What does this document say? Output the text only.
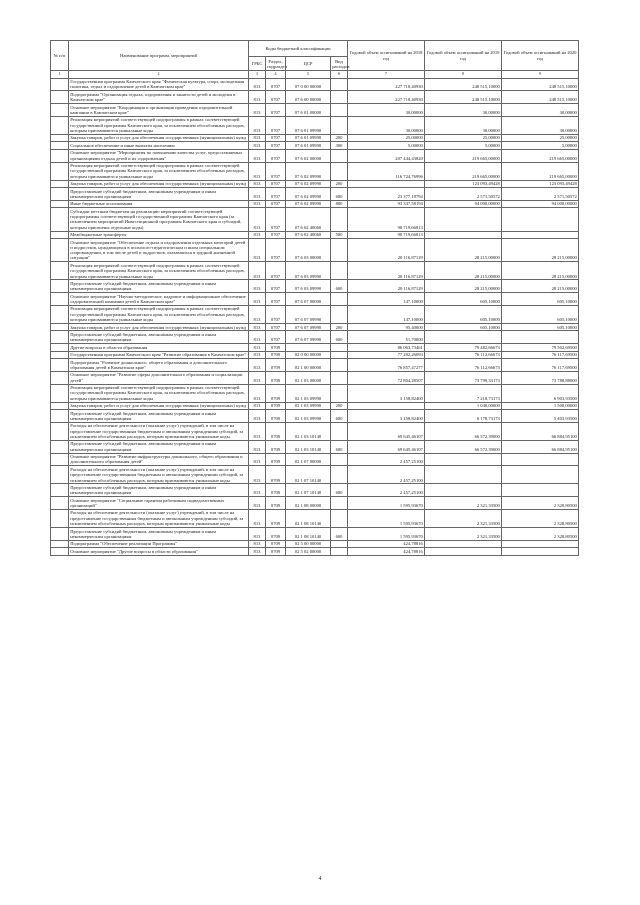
№ п/п	Наименование программ, мероприятий	Коды бюджетной классификации				Годовой объем ассигнований на 2018 год	Годовой объем ассигнований на 2019 год	Годовой объем ассигнований на 2020 год
		ГРБС	Раздел, подраздел	ЦСР	Вид расходов			
1	2	3	4	5	6	7	8	9
	Государственная программа Камчатского края "Физическая культура, спорт, молодежная политика, отдых и оздоровление детей в Камчатском крае"	813	0707	07 0 00 00000		227 718,40930	248 515,10000	248 515,10000
	Подпрограмма "Организация отдыха, оздоровления и занятости детей и молодежи в Камчатском крае"	813	0707	07 6 00 00000		227 718,40930	248 515,10000	248 515,10000
	Основное мероприятие "Координация и организация проведения оздоровительной кампании в Камчатском крае"	813	0707	07 6 01 00000		30,00000	30,00000	30,00000
	Реализация мероприятий соответствующей подпрограммы в рамках соответствующей государственной программы Камчатского края, за исключением обособленных расходов, которым присваиваются уникальные коды	813	0707	07 6 01 09990		30,00000	30,00000	30,00000
	Закупка товаров, работ и услуг для обеспечения государственных (муниципальных) нужд	813	0707	07 6 01 09990	200	25,00000	25,00000	25,00000
	Социальное обеспечение и иные выплаты населению	813	0707	07 6 01 09990	300	5,00000	5,00000	5,00000
	Основное мероприятие "Мероприятия по повышению качества услуг, предоставляемых организациями отдыха детей и их оздоровления"	813	0707	07 6 02 00000		207 444,43820	219 665,00000	219 665,00000
	Реализация мероприятий соответствующей подпрограммы в рамках соответствующей государственной программы Камчатского края, за исключением обособленных расходов, которым присваиваются уникальные коды	813	0707	07 6 02 09990		116 724,76996	219 665,00000	219 665,00000
	Закупка товаров, работ и услуг для обеспечения государственных (муниципальных) нужд	813	0707	07 6 02 09990	200		123 093,49428	123 093,49428
	Предоставление субсидий бюджетным, автономным учреждениям и иным некоммерческим организациям	813	0707	07 6 02 09990	600	23 377,18794	2 571,50572	2 571,50572
	Иные бюджетные ассигнования	813	0707	07 6 02 09990	800	93 347,58194	94 000,00000	94 000,00000
	Субсидии местным бюджетам на реализацию мероприятий соответствующей подпрограммы соответствующей государственной программы Камчатского края (за исключением мероприятий Инвестиционной программы Камчатского края и субсидий, которым присвоены отдельные коды)	813	0707	07 6 02 40060		90 719,66813		
	Межбюджетные трансферты	813	0707	07 6 02 40060	500	90 719,66813		
	Основное мероприятие "Обеспечение отдыха и оздоровления отдельных категорий детей и подростков, нуждающихся в психолого-педагогическом и ином специальном сопровождении, в том числе детей и подростков, оказавшихся в трудной жизненной ситуации"	813	0707	07 6 03 00000		20 116,87129	28 215,00000	28 215,00000
	Реализация мероприятий соответствующей подпрограммы в рамках соответствующей государственной программы Камчатского края, за исключением обособленных расходов, которым присваиваются уникальные коды	813	0707	07 6 03 09990		20 116,87129	28 215,00000	28 215,00000
	Предоставление субсидий бюджетным, автономным учреждениям и иным некоммерческим организациям	813	0707	07 6 03 09990	600	20 116,87129	28 215,00000	28 215,00000
	Основное мероприятие "Научно-методическое, кадровое и информационное обеспечение оздоровительной кампании детей в Камчатском крае"	813	0707	07 6 07 00000		147,10000	605,10000	605,10000
	Реализация мероприятий соответствующей подпрограммы в рамках соответствующей государственной программы Камчатского края, за исключением обособленных расходов, которым присваиваются уникальные коды	813	0707	07 6 07 09990		147,10000	605,10000	605,10000
	Закупка товаров, работ и услуг для обеспечения государственных (муниципальных) нужд	813	0707	07 6 07 09990	200	95,40000	605,10000	605,10000
	Предоставление субсидий бюджетным, автономным учреждениям и иным некоммерческим организациям	813	0707	07 6 07 09990	600	51,70000		
	Другие вопросы в области образования	813	0709			86 063,73461	79 482,66673	79 502,69500
	Государственная программа Камчатского края "Развитие образования в Камчатском крае"	813	0709	02 0 00 00000		77 282,26093	76 112,66673	76 117,69500
	Подпрограмма "Развитие дошкольного, общего образования и дополнительного образования детей в Камчатском крае"	813	0709	02 1 00 00000		76 857,47277	76 112,66673	76 117,69500
	Основное мероприятие "Развитие сферы дополнительного образования и социализации детей"	813	0709	02 1 03 00000		72 804,28507	73 799,33173	73 788,88000
	Реализация мероприятий соответствующей подпрограммы в рамках соответствующей государственной программы Камчатского края, за исключением обособленных расходов, которым присваиваются уникальные коды	813	0709	02 1 03 09990		3 158,82400	7 218,73173	6 903,93500
	Закупка товаров, работ и услуг для обеспечения государственных (муниципальных) нужд	813	0709	02 1 03 09990	200		1 040,00000	1 500,00000
	Предоставление субсидий бюджетным, автономным учреждениям и иным некоммерческим организациям	813	0709	02 1 03 09990	600	3 158,82400	6 178,73173	5 403,93500
	Расходы на обеспечение деятельности (оказание услуг) учреждений, в том числе на предоставление государственным бюджетным и автономным учреждениям субсидий, за исключением обособленных расходов, которым присваиваются уникальные коды	813	0709	02 1 03 10140		69 645,46107	66 572,39000	66 884,95100
	Предоставление субсидий бюджетным, автономным учреждениям и иным некоммерческим организациям	813	0709	02 1 03 10140	600	69 645,46107	66 572,39000	66 884,95100
	Основное мероприятие "Развитие инфраструктуры дошкольного, общего образования и дополнительного образования детей"	813	0709	02 1 07 00000		2 457,25100		
	Расходы на обеспечение деятельности (оказание услуг) учреждений, в том числе на предоставление государственным бюджетным и автономным учреждениям субсидий, за исключением обособленных расходов, которым присваиваются уникальные коды	813	0709	02 1 07 10140		2 457,25100		
	Предоставление субсидий бюджетным, автономным учреждениям и иным некоммерческим организациям	813	0709	02 1 07 10140	600	2 457,25100		
	Основное мероприятие "Социальные гарантии работникам подведомственных организаций"	813	0709	02 1 08 00000		1 595,93670	2 321,33500	2 328,80500
	Расходы на обеспечение деятельности (оказание услуг) учреждений, в том числе на предоставление государственным бюджетным и автономным учреждениям субсидий, за исключением обособленных расходов, которым присваиваются уникальные коды	813	0709	02 1 08 10140		1 595,93670	2 321,33500	2 328,80500
	Предоставление субсидий бюджетным, автономным учреждениям и иным некоммерческим организациям	813	0709	02 1 08 10140	600	1 595,93670	2 321,33500	2 328,80500
	Подпрограмма "Обеспечение реализации Программы"	813	0709	02 5 00 00000		424,78816		
	Основное мероприятие "Другие вопросы в области образования"	813	0709	02 5 02 00000		424,78816		
4
